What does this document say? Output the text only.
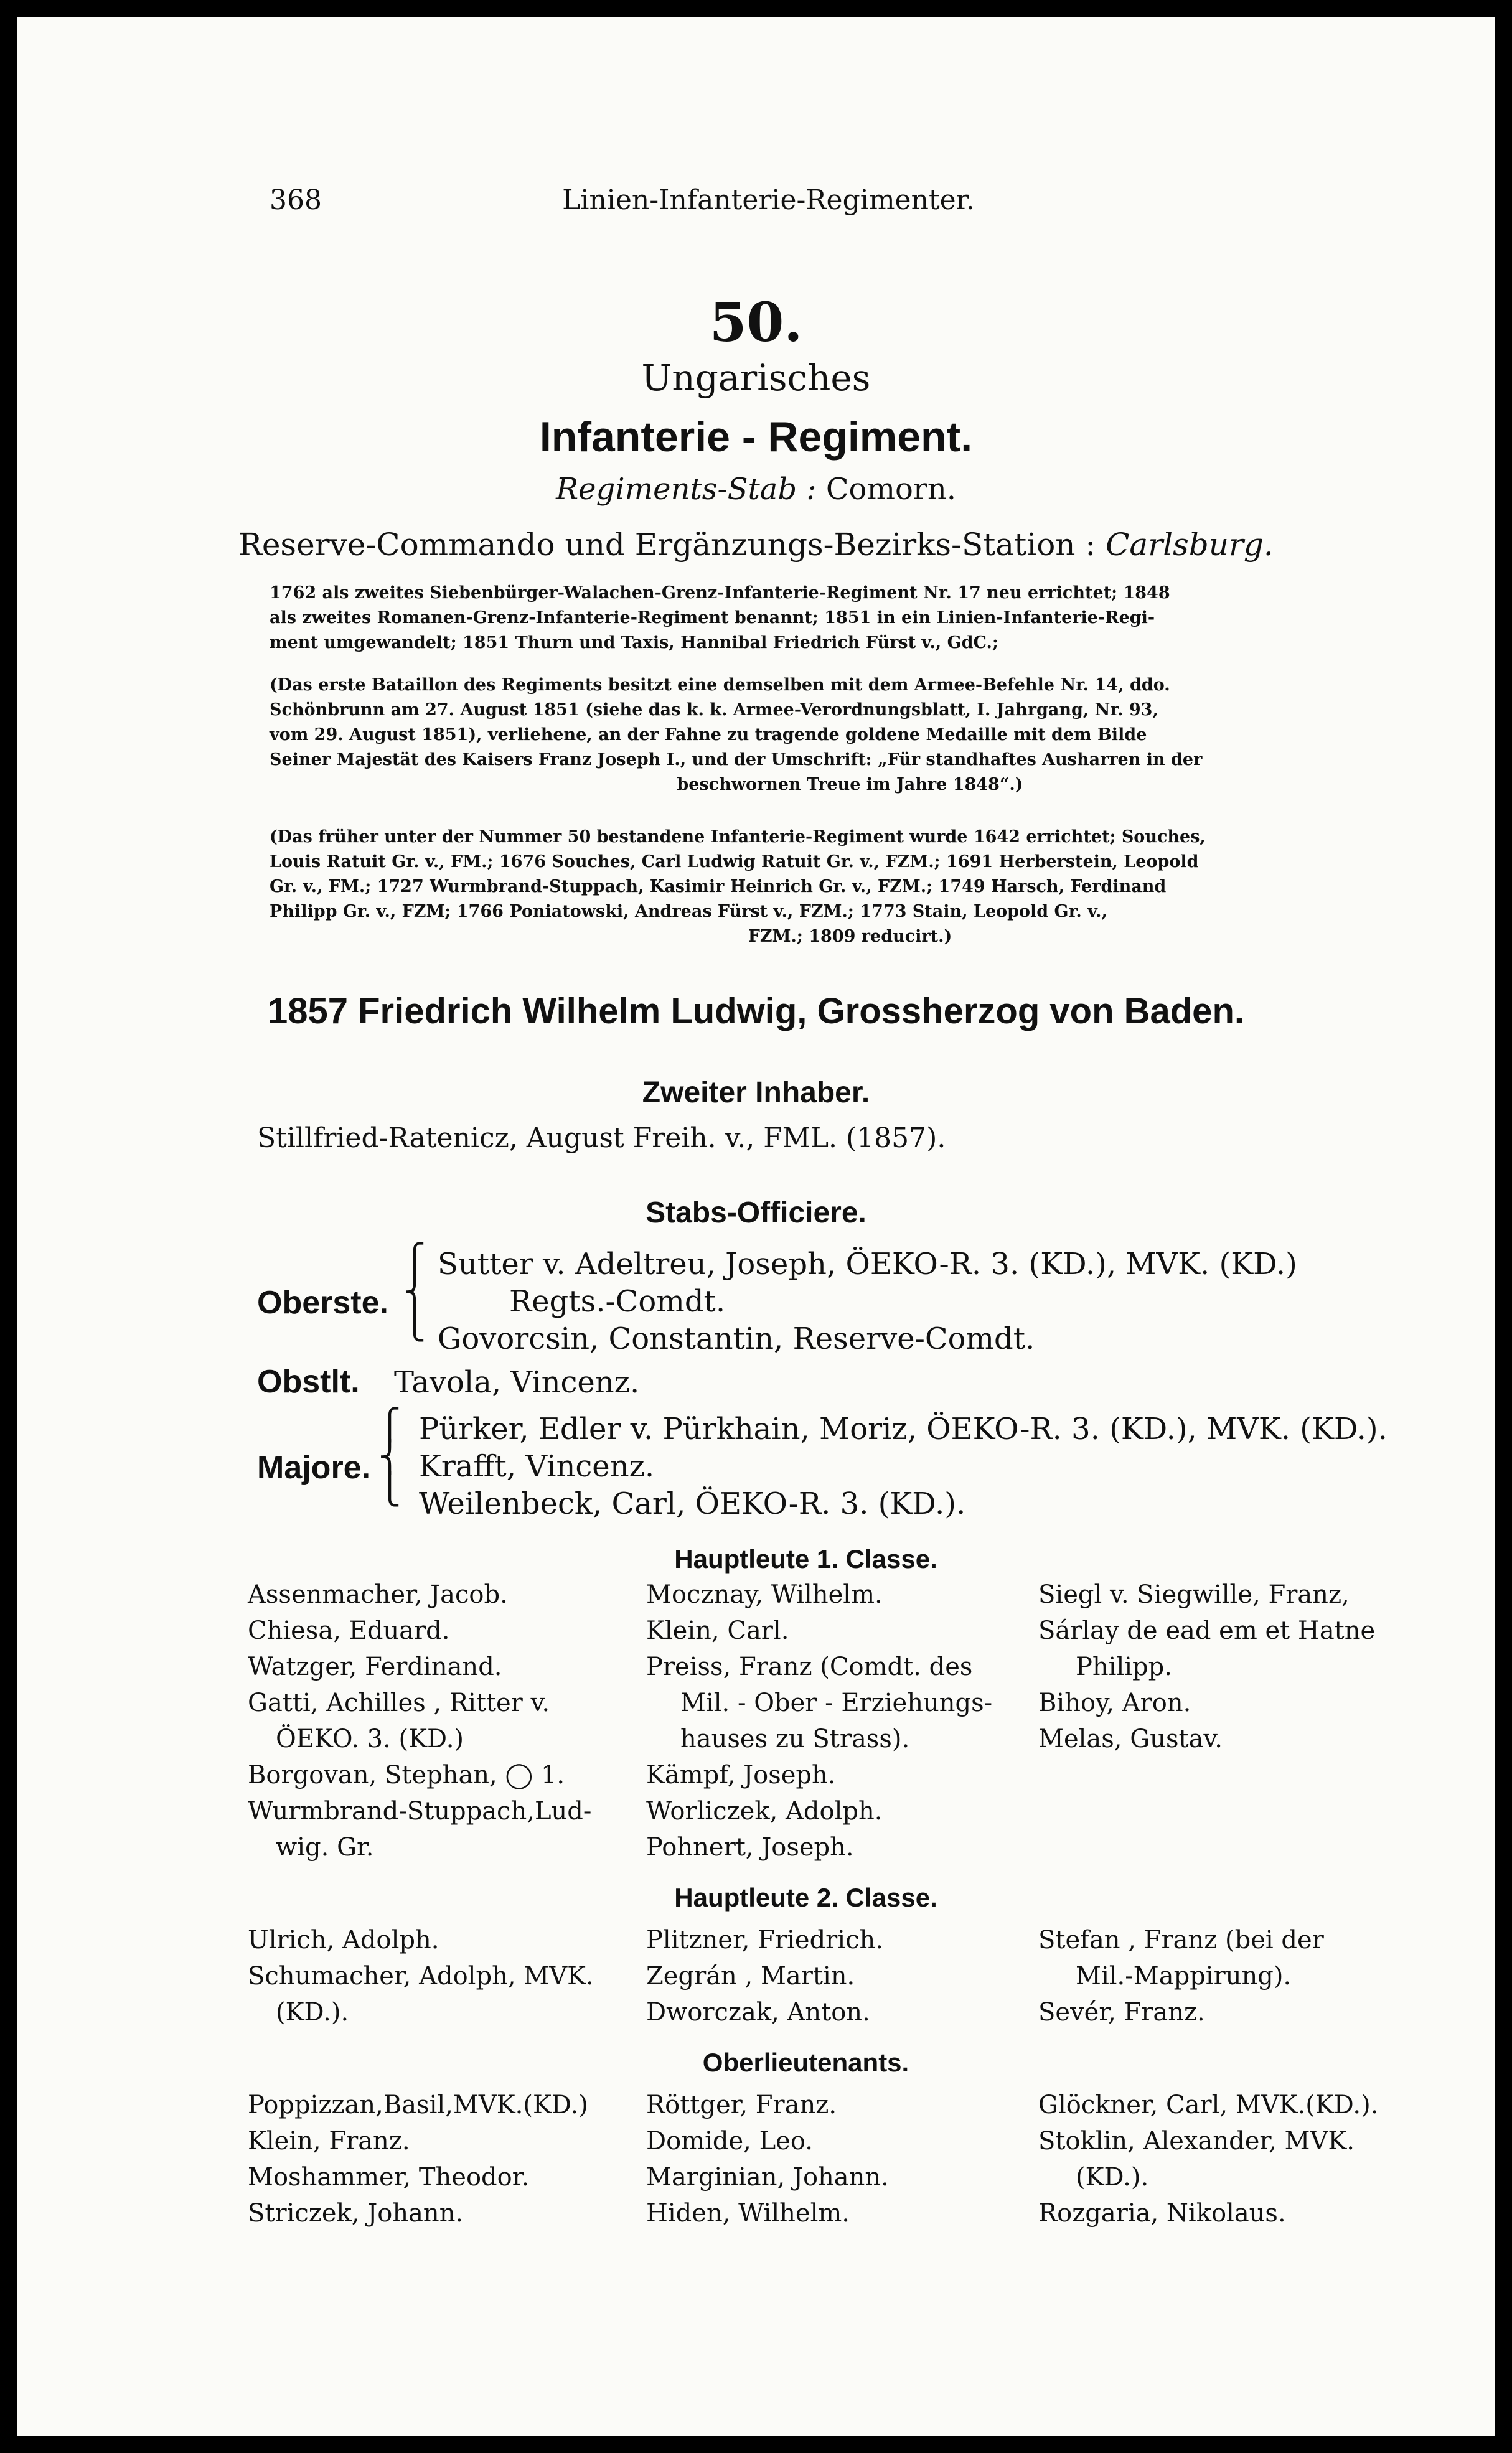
368	Linien-Infanterie-Regimenter.
50.
Ungarisches
Infanterie - Regiment.
Regiments-Stab : Comorn.
Reserve-Commando und Ergänzungs-Bezirks-Station : Carlsburg.
1762 als zweites Siebenbürger-Walachen-Grenz-Infanterie-Regiment Nr. 17 neu errichtet; 1848
als zweites Romanen-Grenz-Infanterie-Regiment benannt; 1851 in ein Linien-Infanterie-Regi-
ment umgewandelt; 1851 Thurn und Taxis, Hannibal Friedrich Fürst v., GdC.;
(Das erste Bataillon des Regiments besitzt eine demselben mit dem Armee-Befehle Nr. 14, ddo.
Schönbrunn am 27. August 1851 (siehe das k. k. Armee-Verordnungsblatt, I. Jahrgang, Nr. 93,
vom 29. August 1851), verliehene, an der Fahne zu tragende goldene Medaille mit dem Bilde
Seiner Majestät des Kaisers Franz Joseph I., und der Umschrift: „Für standhaftes Ausharren in der
beschwornen Treue im Jahre 1848“.)
(Das früher unter der Nummer 50 bestandene Infanterie-Regiment wurde 1642 errichtet; Souches,
Louis Ratuit Gr. v., FM.; 1676 Souches, Carl Ludwig Ratuit Gr. v., FZM.; 1691 Herberstein, Leopold
Gr. v., FM.; 1727 Wurmbrand-Stuppach, Kasimir Heinrich Gr. v., FZM.; 1749 Harsch, Ferdinand
Philipp Gr. v., FZM; 1766 Poniatowski, Andreas Fürst v., FZM.; 1773 Stain, Leopold Gr. v.,
FZM.; 1809 reducirt.)
1857 Friedrich Wilhelm Ludwig, Grossherzog von Baden.
Zweiter Inhaber.
Stillfried-Ratenicz, August Freih. v., FML. (1857).
Stabs-Officiere.
Oberste.
⎧
⎨
⎩
Sutter v. Adeltreu, Joseph, ÖEKO-R. 3. (KD.), MVK. (KD.)
Regts.-Comdt.
Govorcsin, Constantin, Reserve-Comdt.
Obstlt. Tavola, Vincenz.
Majore.
⎧
⎨
⎩
Pürker, Edler v. Pürkhain, Moriz, ÖEKO-R. 3. (KD.), MVK. (KD.).
Krafft, Vincenz.
Weilenbeck, Carl, ÖEKO-R. 3. (KD.).
Hauptleute 1. Classe.
Assenmacher, Jacob.
Chiesa, Eduard.
Watzger, Ferdinand.
Gatti, Achilles , Ritter v.
ÖEKO. 3. (KD.)
Borgovan, Stephan, ◯ 1.
Wurmbrand-Stuppach,Lud-
wig. Gr.
Mocznay, Wilhelm.
Klein, Carl.
Preiss, Franz (Comdt. des
Mil. - Ober - Erziehungs-
hauses zu Strass).
Kämpf, Joseph.
Worliczek, Adolph.
Pohnert, Joseph.
Siegl v. Siegwille, Franz,
Sárlay de ead em et Hatne
Philipp.
Bihoy, Aron.
Melas, Gustav.
Hauptleute 2. Classe.
Ulrich, Adolph.
Schumacher, Adolph, MVK.
(KD.).
Plitzner, Friedrich.
Zegrán , Martin.
Dworczak, Anton.
Stefan , Franz (bei der
Mil.-Mappirung).
Sevér, Franz.
Oberlieutenants.
Poppizzan,Basil,MVK.(KD.)
Klein, Franz.
Moshammer, Theodor.
Striczek, Johann.
Röttger, Franz.
Domide, Leo.
Marginian, Johann.
Hiden, Wilhelm.
Glöckner, Carl, MVK.(KD.).
Stoklin, Alexander, MVK.
(KD.).
Rozgaria, Nikolaus.
